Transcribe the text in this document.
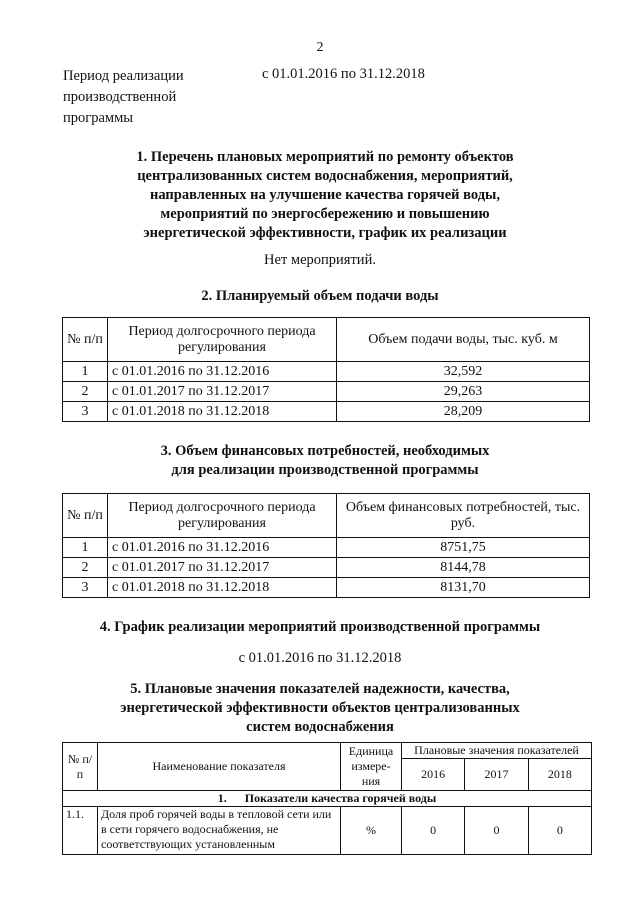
2
Период реализации производственной программы
с 01.01.2016 по 31.12.2018
1. Перечень плановых мероприятий по ремонту объектов централизованных систем водоснабжения, мероприятий, направленных на улучшение качества горячей воды, мероприятий по энергосбережению и повышению энергетической эффективности, график их реализации
Нет мероприятий.
2. Планируемый объем подачи воды
№ п/п	Период долгосрочного периода регулирования	Объем подачи воды, тыс. куб. м
1	с 01.01.2016 по 31.12.2016	32,592
2	с 01.01.2017 по 31.12.2017	29,263
3	с 01.01.2018 по 31.12.2018	28,209
3. Объем финансовых потребностей, необходимых для реализации производственной программы
№ п/п	Период долгосрочного периода регулирования	Объем финансовых потребностей, тыс. руб.
1	с 01.01.2016 по 31.12.2016	8751,75
2	с 01.01.2017 по 31.12.2017	8144,78
3	с 01.01.2018 по 31.12.2018	8131,70
4. График реализации мероприятий производственной программы
с 01.01.2016 по 31.12.2018
5. Плановые значения показателей надежности, качества, энергетической эффективности объектов централизованных систем водоснабжения
№ п/п	Наименование показателя	Единица измере-ния	Плановые значения показателей		
			2016	2017	2018
1. Показатели качества горячей воды					
1.1.	Доля проб горячей воды в тепловой сети или в сети горячего водоснабжения, не соответствующих установленным	%	0	0	0
